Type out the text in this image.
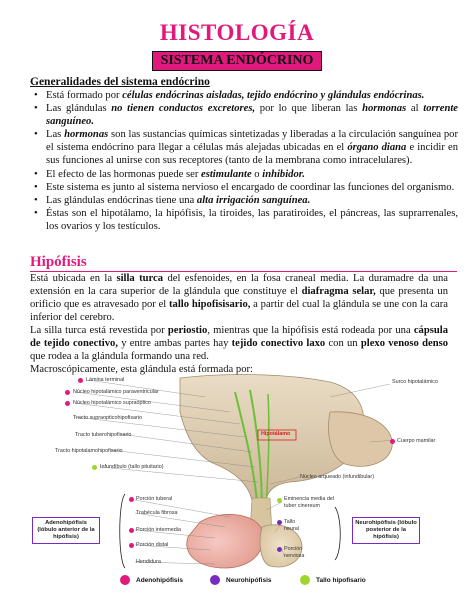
HISTOLOGÍA
SISTEMA ENDÓCRINO
Generalidades del sistema endócrino
• Está formado por células endócrinas aisladas, tejido endócrino y glándulas endócrinas.
• Las glándulas no tienen conductos excretores, por lo que liberan las hormonas al torrente sanguíneo.
• Las hormonas son las sustancias químicas sintetizadas y liberadas a la circulación sanguínea por el sistema endócrino para llegar a células más alejadas ubicadas en el órgano diana e incidir en sus funciones al unirse con sus receptores (tanto de la membrana como intracelulares).
• El efecto de las hormonas puede ser estimulante o inhibidor.
• Este sistema es junto al sistema nervioso el encargado de coordinar las funciones del organismo.
• Las glándulas endócrinas tiene una alta irrigación sanguínea.
• Éstas son el hipotálamo, la hipófisis, la tiroides, las paratiroides, el páncreas, las suprarrenales, los ovarios y los testículos.
Hipófisis

Está ubicada en la silla turca del esfenoides, en la fosa craneal media. La duramadre da una extensión en la cara superior de la glándula que constituye el diafragma selar, que presenta un orificio que es atravesado por el tallo hipofisisario, a partir del cual la glándula se une con la cara inferior del cerebro.

La silla turca está revestida por periostio, mientras que la hipófisis está rodeada por una cápsula de tejido conectivo, y entre ambas partes hay tejido conectivo laxo con un plexo venoso denso que rodea a la glándula formando una red.

Macroscópicamente, esta glándula está formada por:

Lámina terminal
Núcleo hipotalámico paraventricular
Núcleo hipotalámico supraóptico
Tracto supraopticohipofisario
Tracto tuberohipofisario
Tracto hipotalamohipofisario
Infundíbulo (tallo pituitario)
Surco hipotalámico
Hipotálamo
Cuerpo mamilar
Núcleo arqueado (infundibular)
Eminencia media del tuber cinereum
Tallo neural
Porción nerviosa
Porción tuberal
Trabécula fibrosa
Porción intermedia
Porción distal
Hendidura
Adenohipófisis (lóbulo anterior de la hipófisis)
Neurohipófisis (lóbulo posterior de la hipófisis)
Adenohipófisis	Neurohipófisis	Tallo hipofisario
